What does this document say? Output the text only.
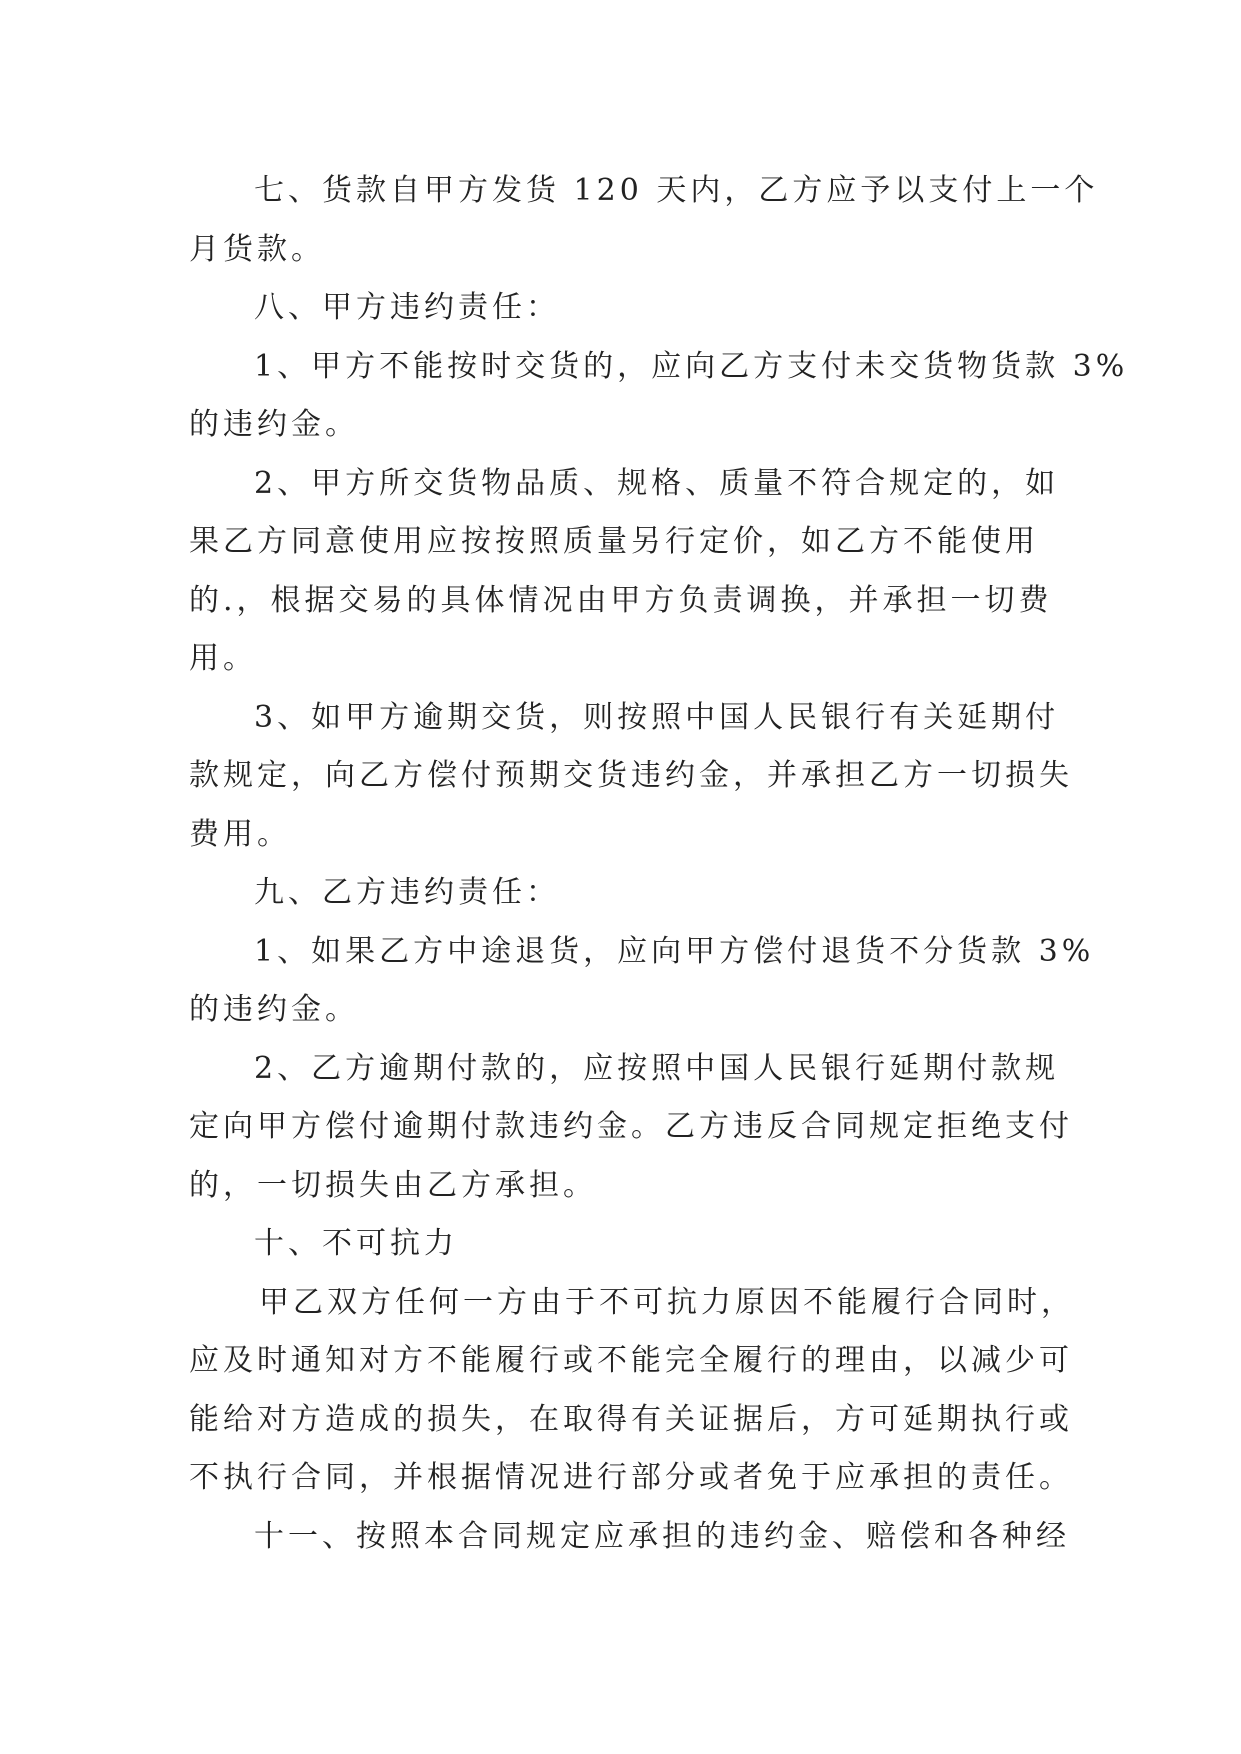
七、货款自甲方发货 120 天内，乙方应予以支付上一个
月货款。
八、甲方违约责任：
1、甲方不能按时交货的，应向乙方支付未交货物货款 3%
的违约金。
2、甲方所交货物品质、规格、质量不符合规定的，如
果乙方同意使用应按按照质量另行定价，如乙方不能使用
的.，根据交易的具体情况由甲方负责调换，并承担一切费
用。
3、如甲方逾期交货，则按照中国人民银行有关延期付
款规定，向乙方偿付预期交货违约金，并承担乙方一切损失
费用。
九、乙方违约责任：
1、如果乙方中途退货，应向甲方偿付退货不分货款 3%
的违约金。
2、乙方逾期付款的，应按照中国人民银行延期付款规
定向甲方偿付逾期付款违约金。乙方违反合同规定拒绝支付
的，一切损失由乙方承担。
十、不可抗力
甲乙双方任何一方由于不可抗力原因不能履行合同时，
应及时通知对方不能履行或不能完全履行的理由，以减少可
能给对方造成的损失，在取得有关证据后，方可延期执行或
不执行合同，并根据情况进行部分或者免于应承担的责任。
十一、按照本合同规定应承担的违约金、赔偿和各种经
